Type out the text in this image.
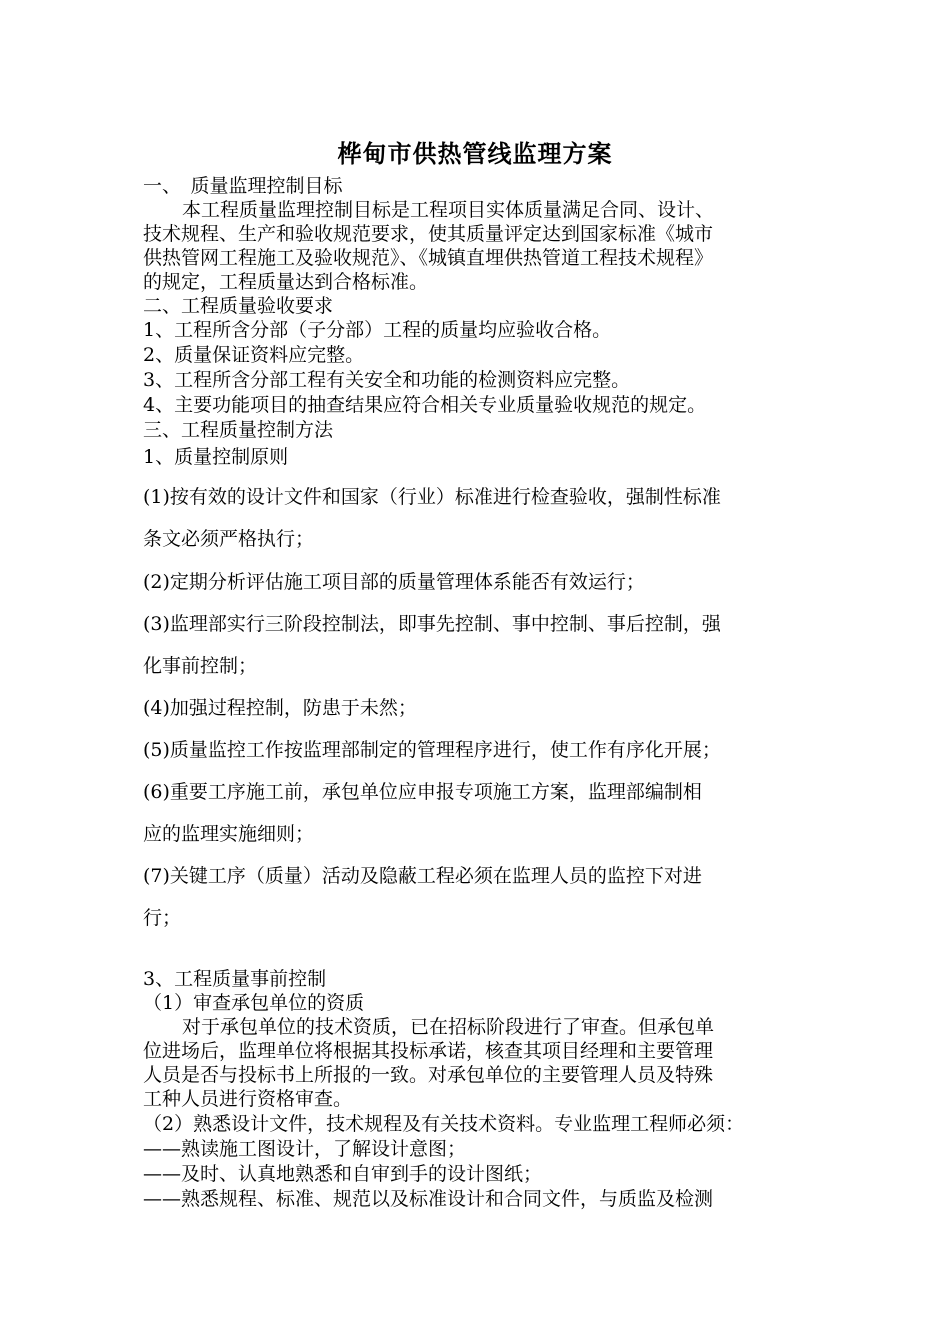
桦甸市供热管线监理方案
一、　质量监理控制目标
本工程质量监理控制目标是工程项目实体质量满足合同、设计、
技术规程、生产和验收规范要求，使其质量评定达到国家标准《城市
供热管网工程施工及验收规范》、《城镇直埋供热管道工程技术规程》
的规定，工程质量达到合格标准。
二、工程质量验收要求
1、工程所含分部（子分部）工程的质量均应验收合格。
2、质量保证资料应完整。
3、工程所含分部工程有关安全和功能的检测资料应完整。
4、主要功能项目的抽查结果应符合相关专业质量验收规范的规定。
三、工程质量控制方法
1、质量控制原则
(1)按有效的设计文件和国家（行业）标准进行检查验收，强制性标准
条文必须严格执行；
(2)定期分析评估施工项目部的质量管理体系能否有效运行；
(3)监理部实行三阶段控制法，即事先控制、事中控制、事后控制，强
化事前控制；
(4)加强过程控制，防患于未然；
(5)质量监控工作按监理部制定的管理程序进行，使工作有序化开展；
(6)重要工序施工前，承包单位应申报专项施工方案，监理部编制相
应的监理实施细则；
(7)关键工序（质量）活动及隐蔽工程必须在监理人员的监控下对进
行；
3、工程质量事前控制
（1）审查承包单位的资质
对于承包单位的技术资质，已在招标阶段进行了审查。但承包单
位进场后，监理单位将根据其投标承诺，核查其项目经理和主要管理
人员是否与投标书上所报的一致。对承包单位的主要管理人员及特殊
工种人员进行资格审查。
（2）熟悉设计文件，技术规程及有关技术资料。专业监理工程师必须：
——熟读施工图设计，了解设计意图；
——及时、认真地熟悉和自审到手的设计图纸；
——熟悉规程、标准、规范以及标准设计和合同文件，与质监及检测
